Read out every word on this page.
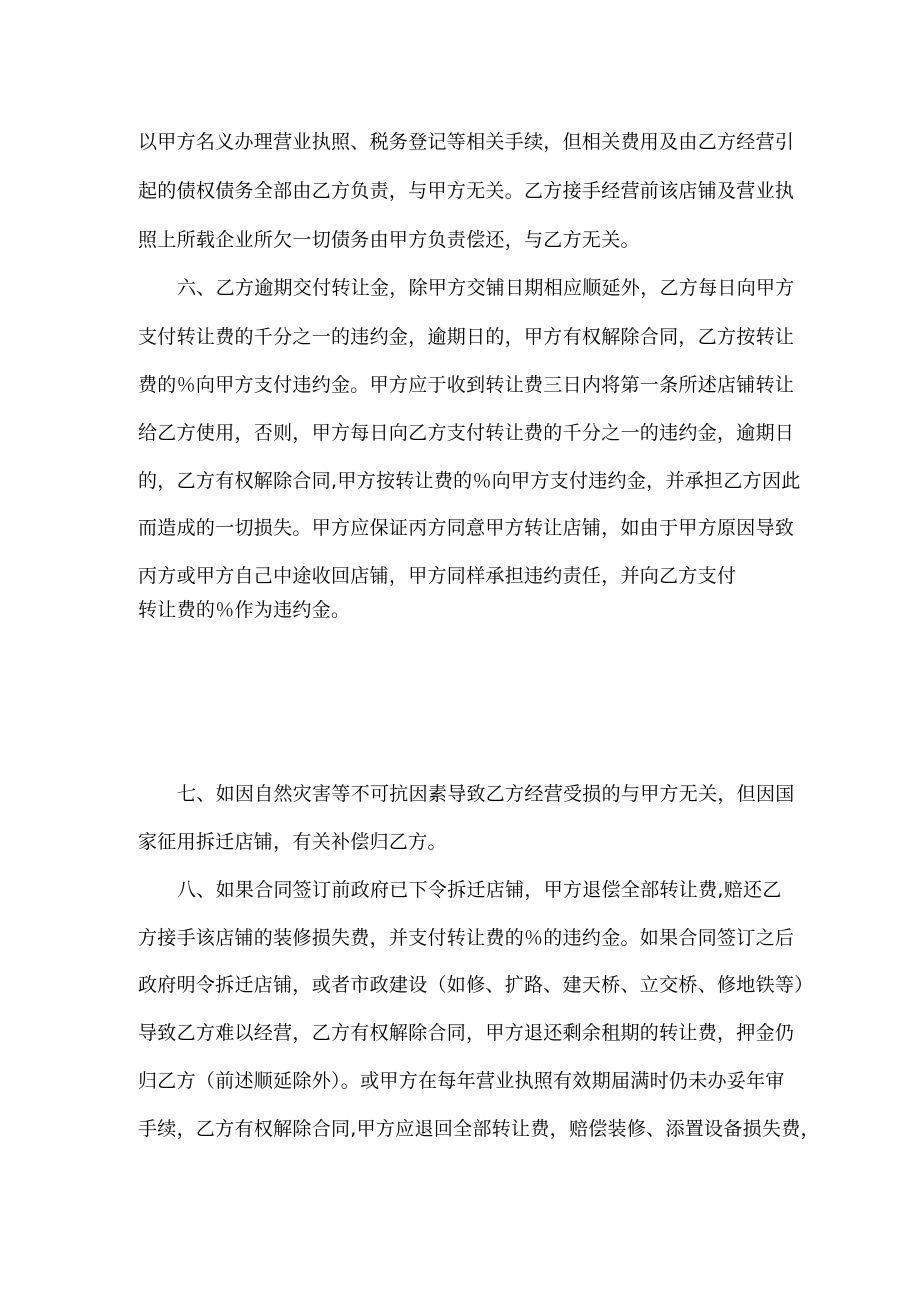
以甲方名义办理营业执照、税务登记等相关手续，但相关费用及由乙方经营引
起的债权债务全部由乙方负责，与甲方无关。乙方接手经营前该店铺及营业执
照上所载企业所欠一切债务由甲方负责偿还，与乙方无关。
六、乙方逾期交付转让金，除甲方交铺日期相应顺延外，乙方每日向甲方
支付转让费的千分之一的违约金，逾期日的，甲方有权解除合同，乙方按转让
费的％向甲方支付违约金。甲方应于收到转让费三日内将第一条所述店铺转让
给乙方使用，否则，甲方每日向乙方支付转让费的千分之一的违约金，逾期日
的，乙方有权解除合同,甲方按转让费的％向甲方支付违约金，并承担乙方因此
而造成的一切损失。甲方应保证丙方同意甲方转让店铺，如由于甲方原因导致
丙方或甲方自己中途收回店铺，甲方同样承担违约责任，并向乙方支付
转让费的％作为违约金。
七、如因自然灾害等不可抗因素导致乙方经营受损的与甲方无关，但因国
家征用拆迁店铺，有关补偿归乙方。
八、如果合同签订前政府已下令拆迁店铺，甲方退偿全部转让费,赔还乙
方接手该店铺的装修损失费，并支付转让费的％的违约金。如果合同签订之后
政府明令拆迁店铺，或者市政建设（如修、扩路、建天桥、立交桥、修地铁等）
导致乙方难以经营，乙方有权解除合同，甲方退还剩余租期的转让费，押金仍
归乙方（前述顺延除外）。或甲方在每年营业执照有效期届满时仍未办妥年审
手续，乙方有权解除合同,甲方应退回全部转让费，赔偿装修、添置设备损失费，
